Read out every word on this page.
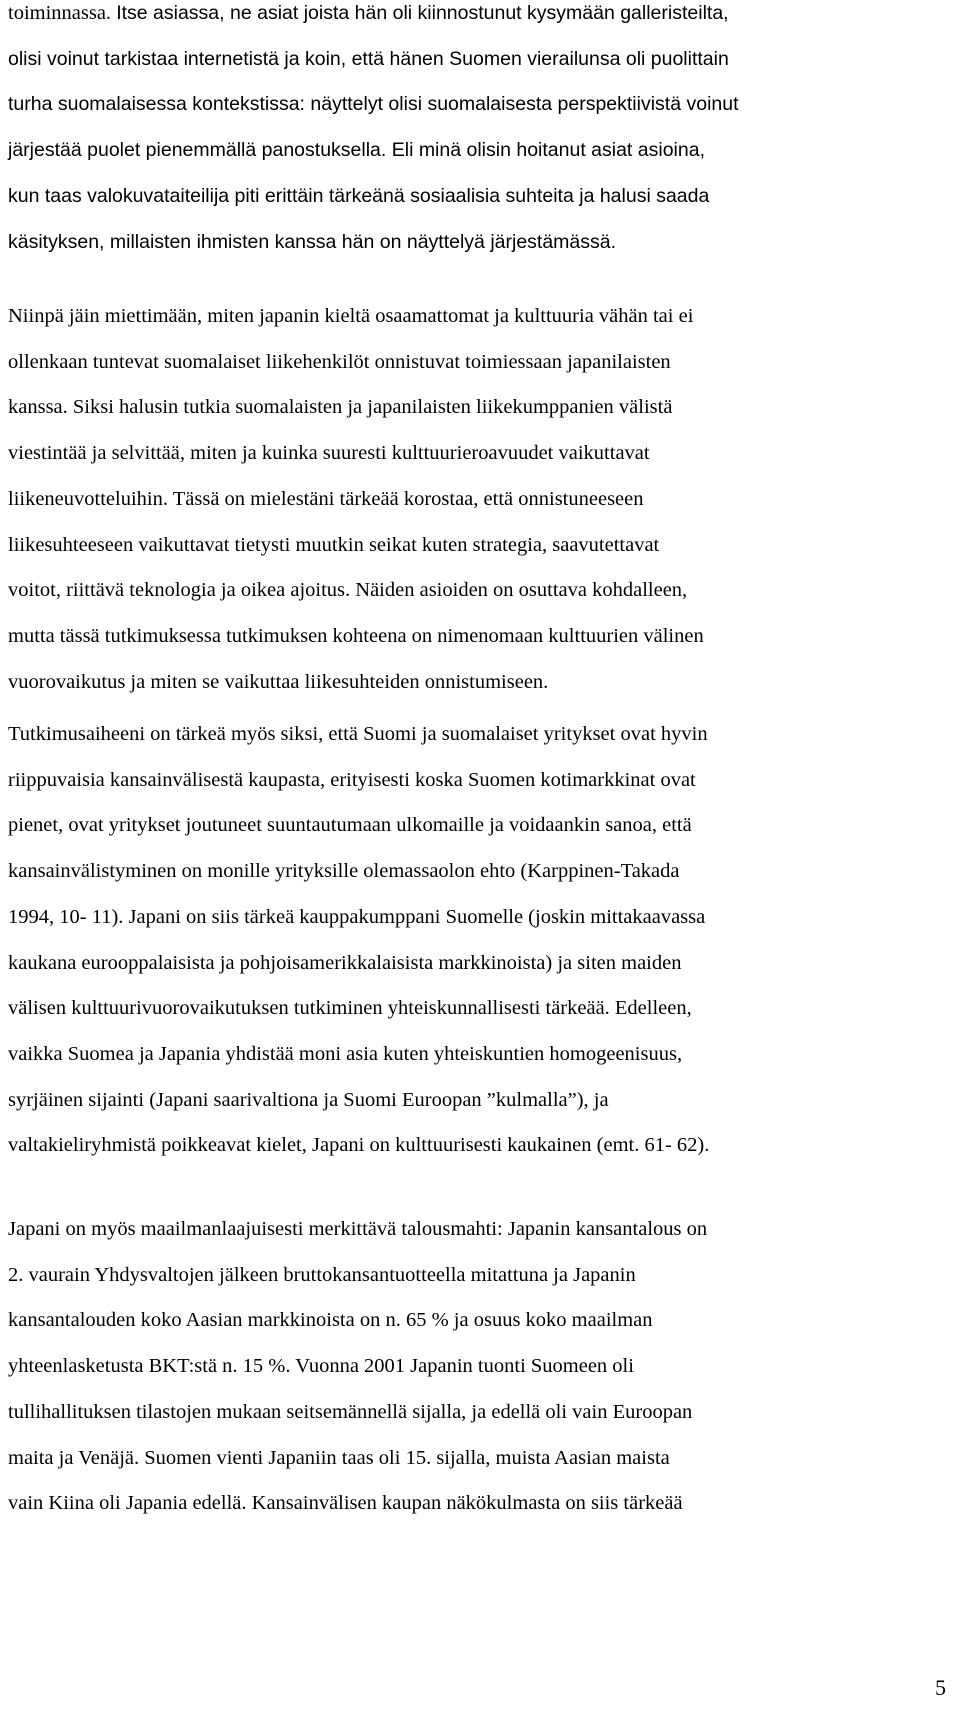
toiminnassa. Itse asiassa, ne asiat joista hän oli kiinnostunut kysymään galleristeilta,
olisi voinut tarkistaa internetistä ja koin, että hänen Suomen vierailunsa oli puolittain
turha suomalaisessa kontekstissa: näyttelyt olisi suomalaisesta perspektiivistä voinut
järjestää puolet pienemmällä panostuksella. Eli minä olisin hoitanut asiat asioina,
kun taas valokuvataiteilija piti erittäin tärkeänä sosiaalisia suhteita ja halusi saada
käsityksen, millaisten ihmisten kanssa hän on näyttelyä järjestämässä.

Niinpä jäin miettimään, miten japanin kieltä osaamattomat ja kulttuuria vähän tai ei
ollenkaan tuntevat suomalaiset liikehenkilöt onnistuvat toimiessaan japanilaisten
kanssa. Siksi halusin tutkia suomalaisten ja japanilaisten liikekumppanien välistä
viestintää ja selvittää, miten ja kuinka suuresti kulttuurieroavuudet vaikuttavat
liikeneuvotteluihin. Tässä on mielestäni tärkeää korostaa, että onnistuneeseen
liikesuhteeseen vaikuttavat tietysti muutkin seikat kuten strategia, saavutettavat
voitot, riittävä teknologia ja oikea ajoitus. Näiden asioiden on osuttava kohdalleen,
mutta tässä tutkimuksessa tutkimuksen kohteena on nimenomaan kulttuurien välinen
vuorovaikutus ja miten se vaikuttaa liikesuhteiden onnistumiseen.

Tutkimusaiheeni on tärkeä myös siksi, että Suomi ja suomalaiset yritykset ovat hyvin
riippuvaisia kansainvälisestä kaupasta, erityisesti koska Suomen kotimarkkinat ovat
pienet, ovat yritykset joutuneet suuntautumaan ulkomaille ja voidaankin sanoa, että
kansainvälistyminen on monille yrityksille olemassaolon ehto (Karppinen-Takada
1994, 10- 11). Japani on siis tärkeä kauppakumppani Suomelle (joskin mittakaavassa
kaukana eurooppalaisista ja pohjoisamerikkalaisista markkinoista) ja siten maiden
välisen kulttuurivuorovaikutuksen tutkiminen yhteiskunnallisesti tärkeää. Edelleen,
vaikka Suomea ja Japania yhdistää moni asia kuten yhteiskuntien homogeenisuus,
syrjäinen sijainti (Japani saarivaltiona ja Suomi Euroopan ”kulmalla”), ja
valtakieliryhmistä poikkeavat kielet, Japani on kulttuurisesti kaukainen (emt. 61- 62).

Japani on myös maailmanlaajuisesti merkittävä talousmahti: Japanin kansantalous on
2. vaurain Yhdysvaltojen jälkeen bruttokansantuotteella mitattuna ja Japanin
kansantalouden koko Aasian markkinoista on n. 65 % ja osuus koko maailman
yhteenlasketusta BKT:stä n. 15 %. Vuonna 2001 Japanin tuonti Suomeen oli
tullihallituksen tilastojen mukaan seitsemännellä sijalla, ja edellä oli vain Euroopan
maita ja Venäjä. Suomen vienti Japaniin taas oli 15. sijalla, muista Aasian maista
vain Kiina oli Japania edellä. Kansainvälisen kaupan näkökulmasta on siis tärkeää

5
